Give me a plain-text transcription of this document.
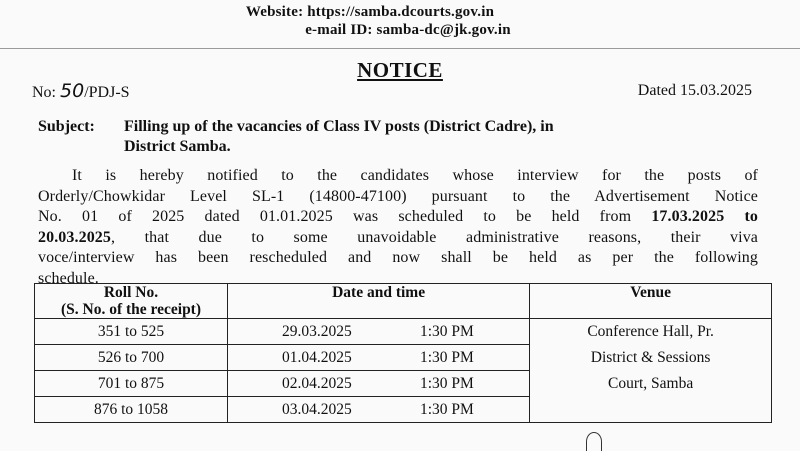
Website: https://samba.dcourts.gov.in
e-mail ID: samba-dc@jk.gov.in
NOTICE
No: 50/PDJ-S	Dated 15.03.2025
Subject: Filling up of the vacancies of Class IV posts (District Cadre), in
District Samba.
It is hereby notified to the candidates whose interview for the posts of
Orderly/Chowkidar Level SL-1 (14800-47100) pursuant to the Advertisement Notice
No. 01 of 2025 dated 01.01.2025 was scheduled to be held from 17.03.2025 to
20.03.2025, that due to some unavoidable administrative reasons, their viva
voce/interview has been rescheduled and now shall be held as per the following
schedule.
Roll No.
(S. No. of the receipt)	Date and time	Venue
351 to 525	29.03.2025 1:30 PM	Conference Hall, Pr.
District & Sessions
Court, Samba

526 to 700	01.04.2025 1:30 PM	
701 to 875	02.04.2025 1:30 PM	
876 to 1058	03.04.2025 1:30 PM	
